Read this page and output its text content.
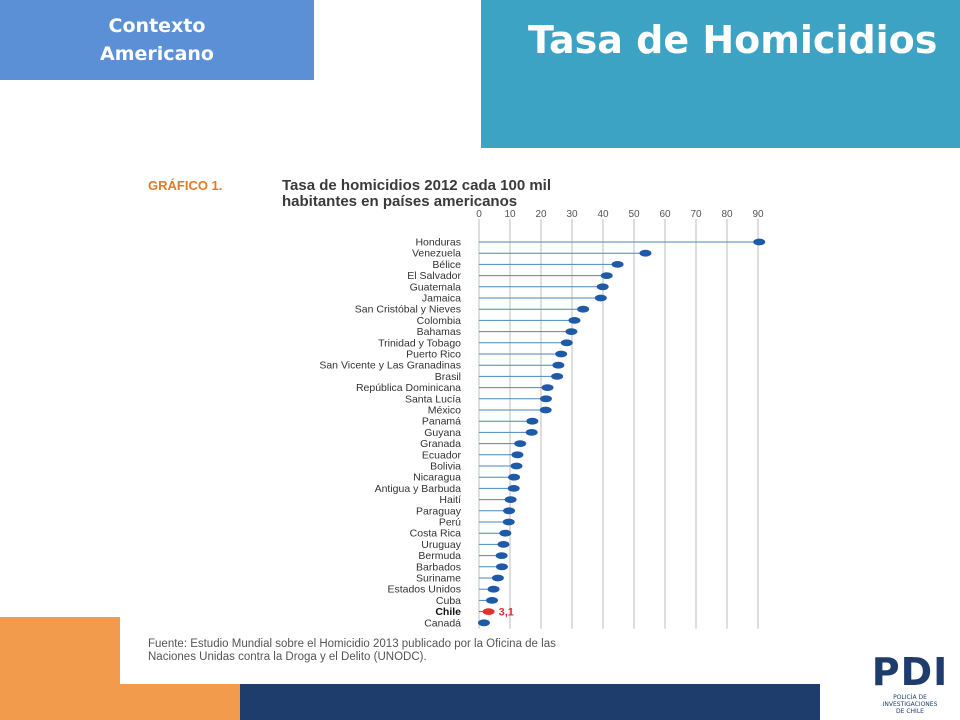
Contexto
Americano	Tasa de Homicidios
GRÁFICO 1.	Tasa de homicidios 2012 cada 100 mil
habitantes en países americanos
0 10 20 30 40 50 60 70 80 90
Honduras
Venezuela
Bélice
El Salvador
Guatemala
Jamaica
San Cristóbal y Nieves
Colombia
Bahamas
Trinidad y Tobago
Puerto Rico
San Vicente y Las Granadinas
Brasil
República Dominicana
Santa Lucía
México
Panamá
Guyana
Granada
Ecuador
Bolivia
Nicaragua
Antigua y Barbuda
Haití
Paraguay
Perú
Costa Rica
Uruguay
Bermuda
Barbados
Suriname
Estados Unidos
Cuba
Chile	3,1
Canadá
Fuente: Estudio Mundial sobre el Homicidio 2013 publicado por la Oficina de las
Naciones Unidas contra la Droga y el Delito (UNODC).	PDI
POLICÍA DE INVESTIGACIONES
DE CHILE
